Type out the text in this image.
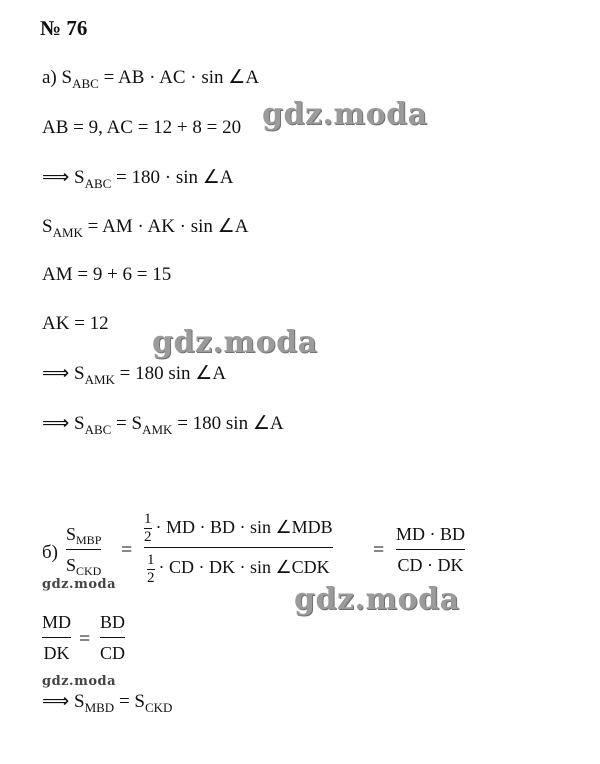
№ 76
а) $S_{ABC}$ = AB · AC · sin ∠A
AB = 9, AC = 12 + 8 = 20
⟹ $S_{ABC} = 180 \cdot \sin$ ∠A
$S_{AMK}$ = AM · AK · sin ∠A
AM = 9 + 6 = 15
AK = 12
⟹ $S_{AMK} = 180$ sin ∠A
⟹ $S_{ABC} = S_{AMK} = 180$ sin ∠A
б)
$S_{MBP}$
$S_{CKD}$
=
$\frac{1}{2}$ · MD · BD · sin ∠MDB
$\frac{1}{2}$ · CD · DK · sin ∠CDK
=
MD · BD
CD · DK
MD
DK
=
BD
CD
⟹ $S_{MBD} = S_{CKD}$
gdz.moda
gdz.moda
gdz.moda
gdz.moda
gdz.moda
